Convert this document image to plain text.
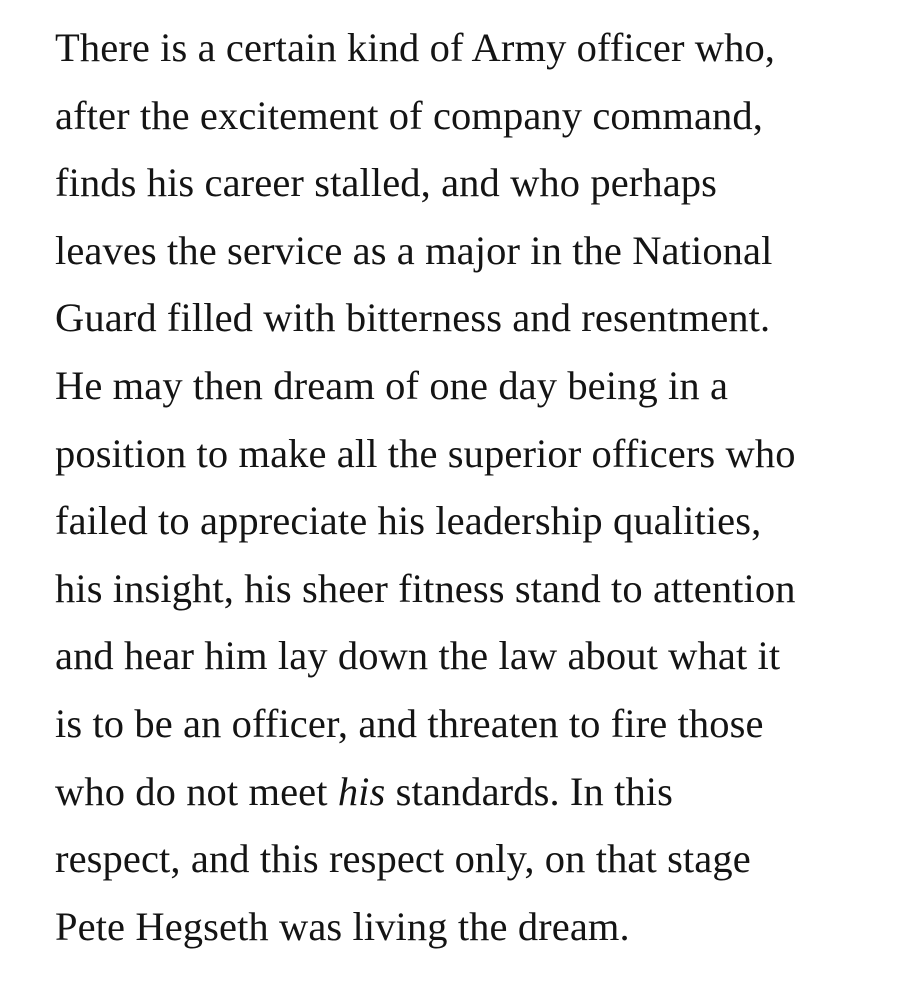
There is a certain kind of Army officer who,
after the excitement of company command,
finds his career stalled, and who perhaps
leaves the service as a major in the National
Guard filled with bitterness and resentment.
He may then dream of one day being in a
position to make all the superior officers who
failed to appreciate his leadership qualities,
his insight, his sheer fitness stand to attention
and hear him lay down the law about what it
is to be an officer, and threaten to fire those
who do not meet his standards. In this
respect, and this respect only, on that stage
Pete Hegseth was living the dream.
